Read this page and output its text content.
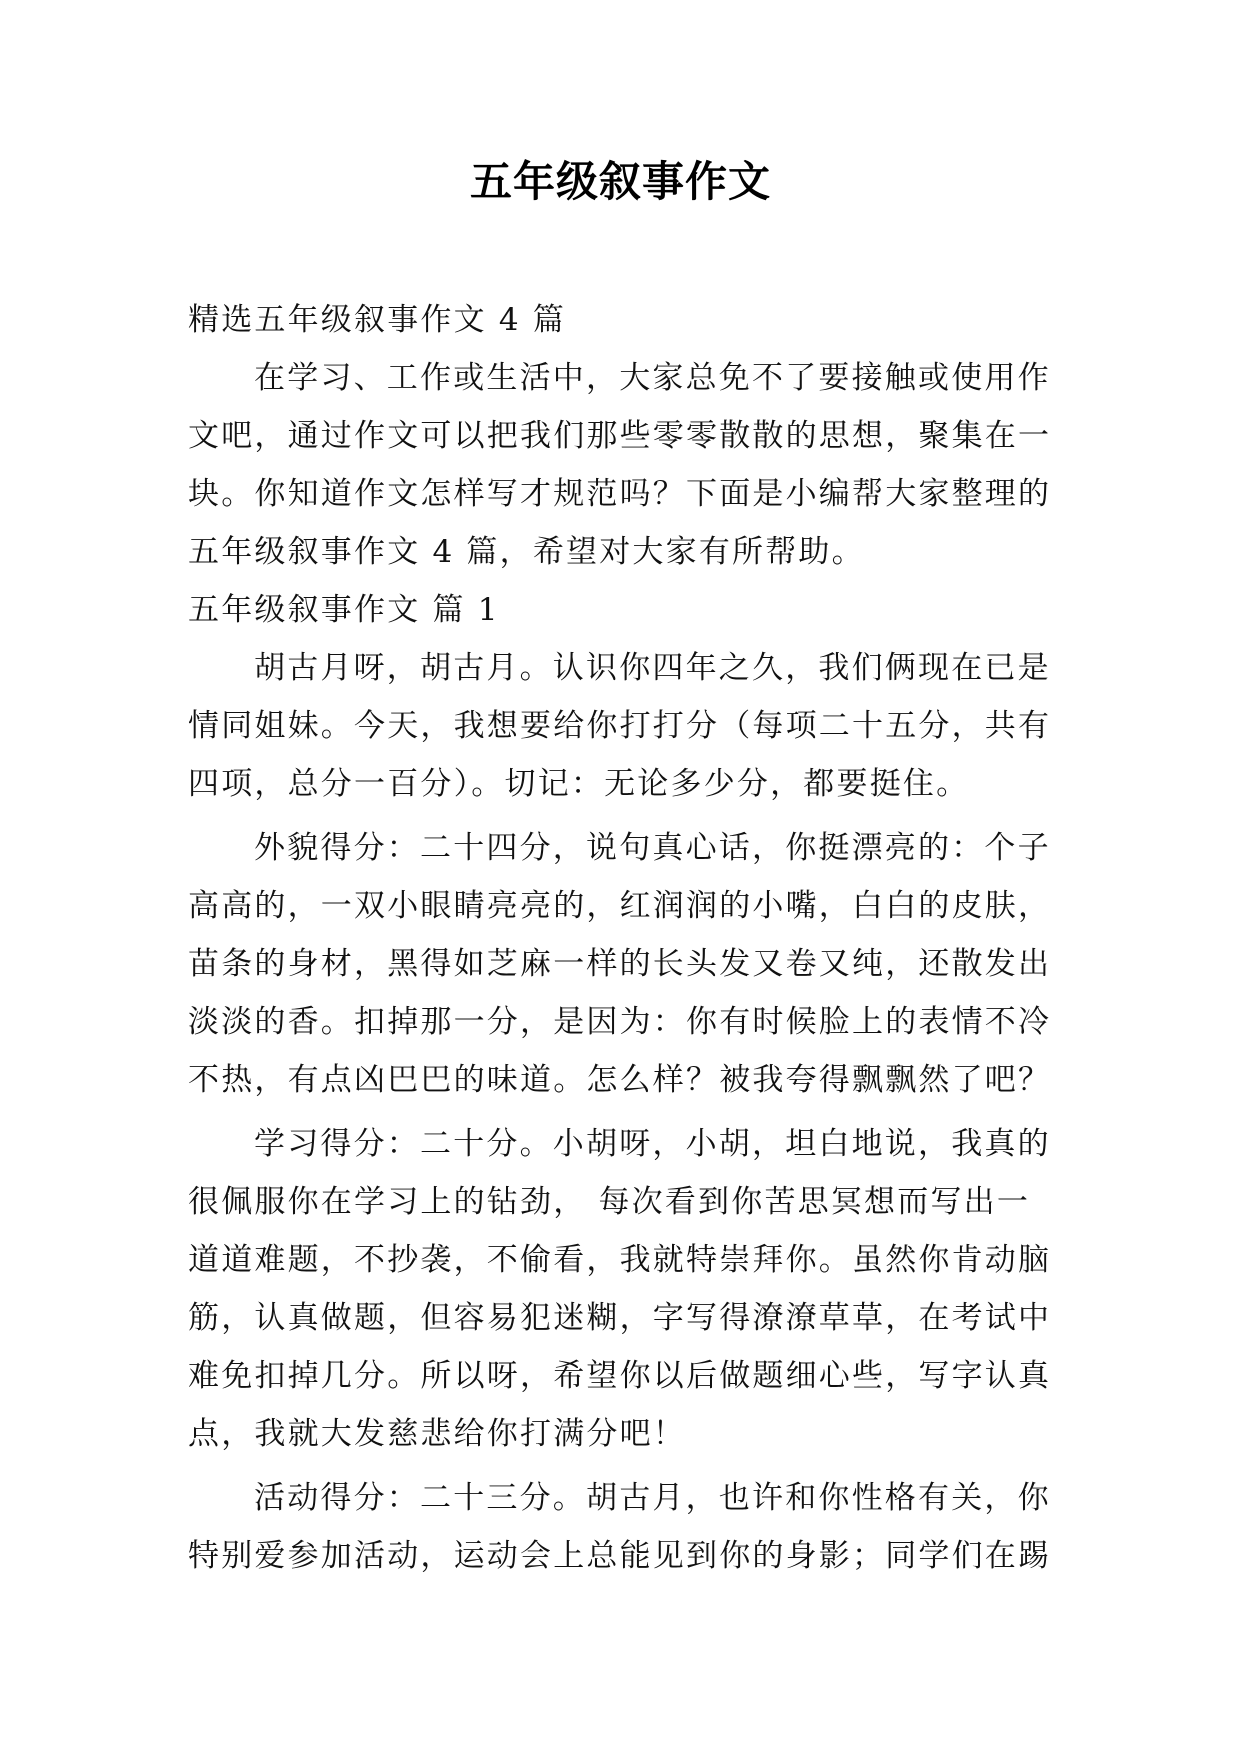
五年级叙事作文
精选五年级叙事作文 4 篇
在学习、工作或生活中，大家总免不了要接触或使用作
文吧，通过作文可以把我们那些零零散散的思想，聚集在一
块。你知道作文怎样写才规范吗？下面是小编帮大家整理的
五年级叙事作文 4 篇，希望对大家有所帮助。
五年级叙事作文 篇 1
胡古月呀，胡古月。认识你四年之久，我们俩现在已是
情同姐妹。今天，我想要给你打打分（每项二十五分，共有
四项，总分一百分）。切记：无论多少分，都要挺住。
外貌得分：二十四分，说句真心话，你挺漂亮的：个子
高高的，一双小眼睛亮亮的，红润润的小嘴，白白的皮肤，
苗条的身材，黑得如芝麻一样的长头发又卷又纯，还散发出
淡淡的香。扣掉那一分，是因为：你有时候脸上的表情不冷
不热，有点凶巴巴的味道。怎么样？被我夸得飘飘然了吧？
学习得分：二十分。小胡呀，小胡，坦白地说，我真的
很佩服你在学习上的钻劲， 每次看到你苦思冥想而写出一
道道难题，不抄袭，不偷看，我就特崇拜你。虽然你肯动脑
筋，认真做题，但容易犯迷糊，字写得潦潦草草，在考试中
难免扣掉几分。所以呀，希望你以后做题细心些，写字认真
点，我就大发慈悲给你打满分吧！
活动得分：二十三分。胡古月，也许和你性格有关，你
特别爱参加活动，运动会上总能见到你的身影；同学们在踢
